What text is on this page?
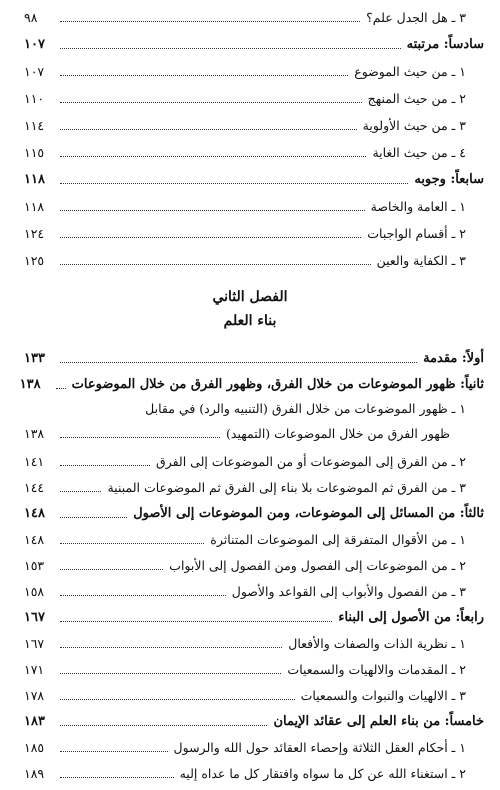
٣ ـ هل الجدل علم؟
٩٨
سادساً: مرتبته
١٠٧
١ ـ من حيث الموضوع
١٠٧
٢ ـ من حيث المنهج
١١٠
٣ ـ من حيث الأولوية
١١٤
٤ ـ من حيث الغاية
١١٥
سابعاً: وجوبه
١١٨
١ ـ العامة والخاصة
١١٨
٢ ـ أقسام الواجبات
١٢٤
٣ ـ الكفاية والعين
١٢٥
الفصل الثاني
بناء العلم
أولاً: مقدمة
١٣٣
ثانياً: ظهور الموضوعات من خلال الفرق، وظهور الفرق من خلال الموضوعات
١٣٨
١ ـ ظهور الموضوعات من خلال الفرق (التنبيه والرد) في مقابل
ظهور الفرق من خلال الموضوعات (التمهيد)
١٣٨
٢ ـ من الفرق إلى الموضوعات أو من الموضوعات إلى الفرق
١٤١
٣ ـ من الفرق ثم الموضوعات بلا بناء إلى الفرق ثم الموضوعات المبنية
١٤٤
ثالثاً: من المسائل إلى الموضوعات، ومن الموضوعات إلى الأصول
١٤٨
١ ـ من الأقوال المتفرقة إلى الموضوعات المتناثرة
١٤٨
٢ ـ من الموضوعات إلى الفصول ومن الفصول إلى الأبواب
١٥٣
٣ ـ من الفصول والأبواب إلى القواعد والأصول
١٥٨
رابعاً: من الأصول إلى البناء
١٦٧
١ ـ نظرية الذات والصفات والأفعال
١٦٧
٢ ـ المقدمات والالهيات والسمعيات
١٧١
٣ ـ الالهيات والنبوات والسمعيات
١٧٨
خامساً: من بناء العلم إلى عقائد الإيمان
١٨٣
١ ـ أحكام العقل الثلاثة وإحصاء العقائد حول الله والرسول
١٨٥
٢ ـ استغناء الله عن كل ما سواه وافتقار كل ما عداه إليه
١٨٩
